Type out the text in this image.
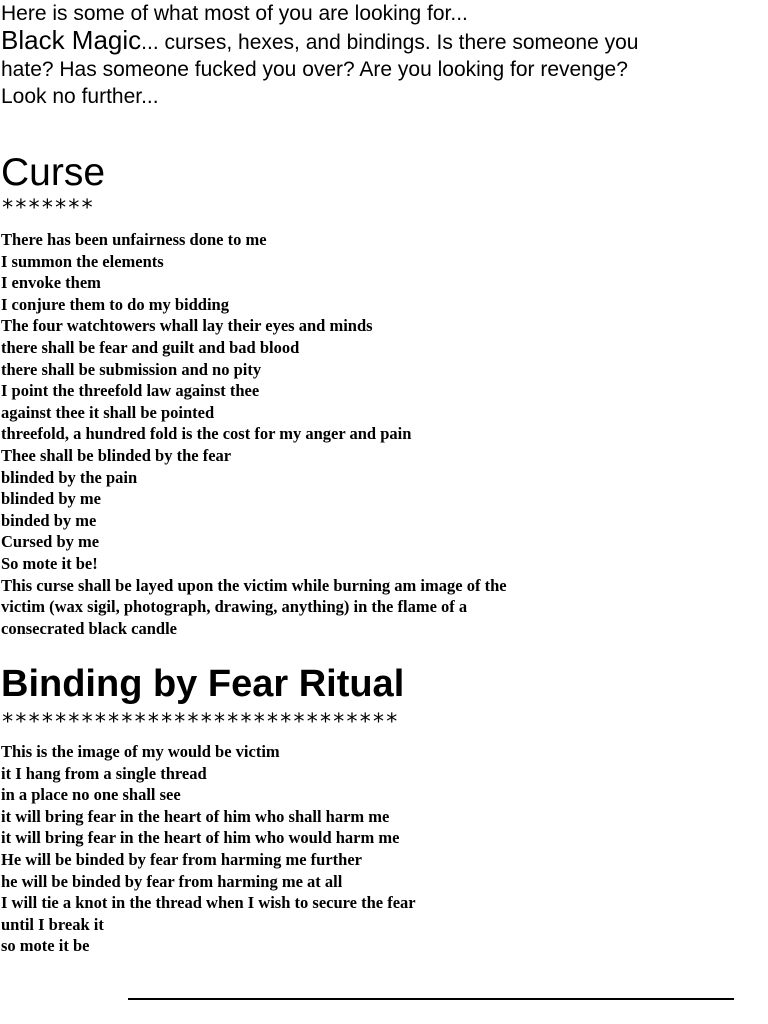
Here is some of what most of you are looking for...
Black Magic... curses, hexes, and bindings. Is there someone you
hate? Has someone fucked you over? Are you looking for revenge?
Look no further...
Curse
*******
There has been unfairness done to me
I summon the elements
I envoke them
I conjure them to do my bidding
The four watchtowers whall lay their eyes and minds
there shall be fear and guilt and bad blood
there shall be submission and no pity
I point the threefold law against thee
against thee it shall be pointed
threefold, a hundred fold is the cost for my anger and pain
Thee shall be blinded by the fear
blinded by the pain
blinded by me
binded by me
Cursed by me
So mote it be!
This curse shall be layed upon the victim while burning am image of the
victim (wax sigil, photograph, drawing, anything) in the flame of a
consecrated black candle
Binding by Fear Ritual
******************************
This is the image of my would be victim
it I hang from a single thread
in a place no one shall see
it will bring fear in the heart of him who shall harm me
it will bring fear in the heart of him who would harm me
He will be binded by fear from harming me further
he will be binded by fear from harming me at all
I will tie a knot in the thread when I wish to secure the fear
until I break it
so mote it be
